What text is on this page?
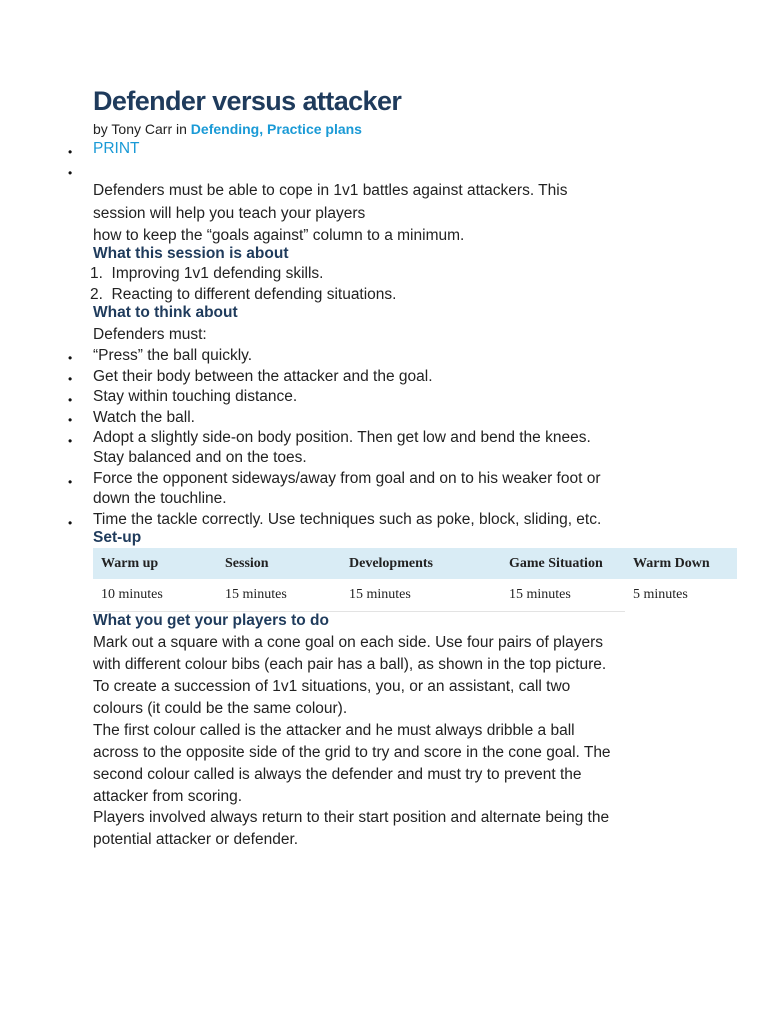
Defender versus attacker
by Tony Carr in Defending, Practice plans
• PRINT
•
Defenders must be able to cope in 1v1 battles against attackers. This
session will help you teach your players
how to keep the “goals against” column to a minimum.
What this session is about
1.  Improving 1v1 defending skills.
2.  Reacting to different defending situations.
What to think about
Defenders must:
• “Press” the ball quickly.
• Get their body between the attacker and the goal.
• Stay within touching distance.
• Watch the ball.
• Adopt a slightly side-on body position. Then get low and bend the knees.
Stay balanced and on the toes.
• Force the opponent sideways/away from goal and on to his weaker foot or
down the touchline.
• Time the tackle correctly. Use techniques such as poke, block, sliding, etc.
Set-up
Warm up	Session	Developments	Game Situation	Warm Down
10 minutes	15 minutes	15 minutes	15 minutes	5 minutes
What you get your players to do
Mark out a square with a cone goal on each side. Use four pairs of players
with different colour bibs (each pair has a ball), as shown in the top picture.
To create a succession of 1v1 situations, you, or an assistant, call two
colours (it could be the same colour).
The first colour called is the attacker and he must always dribble a ball
across to the opposite side of the grid to try and score in the cone goal. The
second colour called is always the defender and must try to prevent the
attacker from scoring.
Players involved always return to their start position and alternate being the
potential attacker or defender.
